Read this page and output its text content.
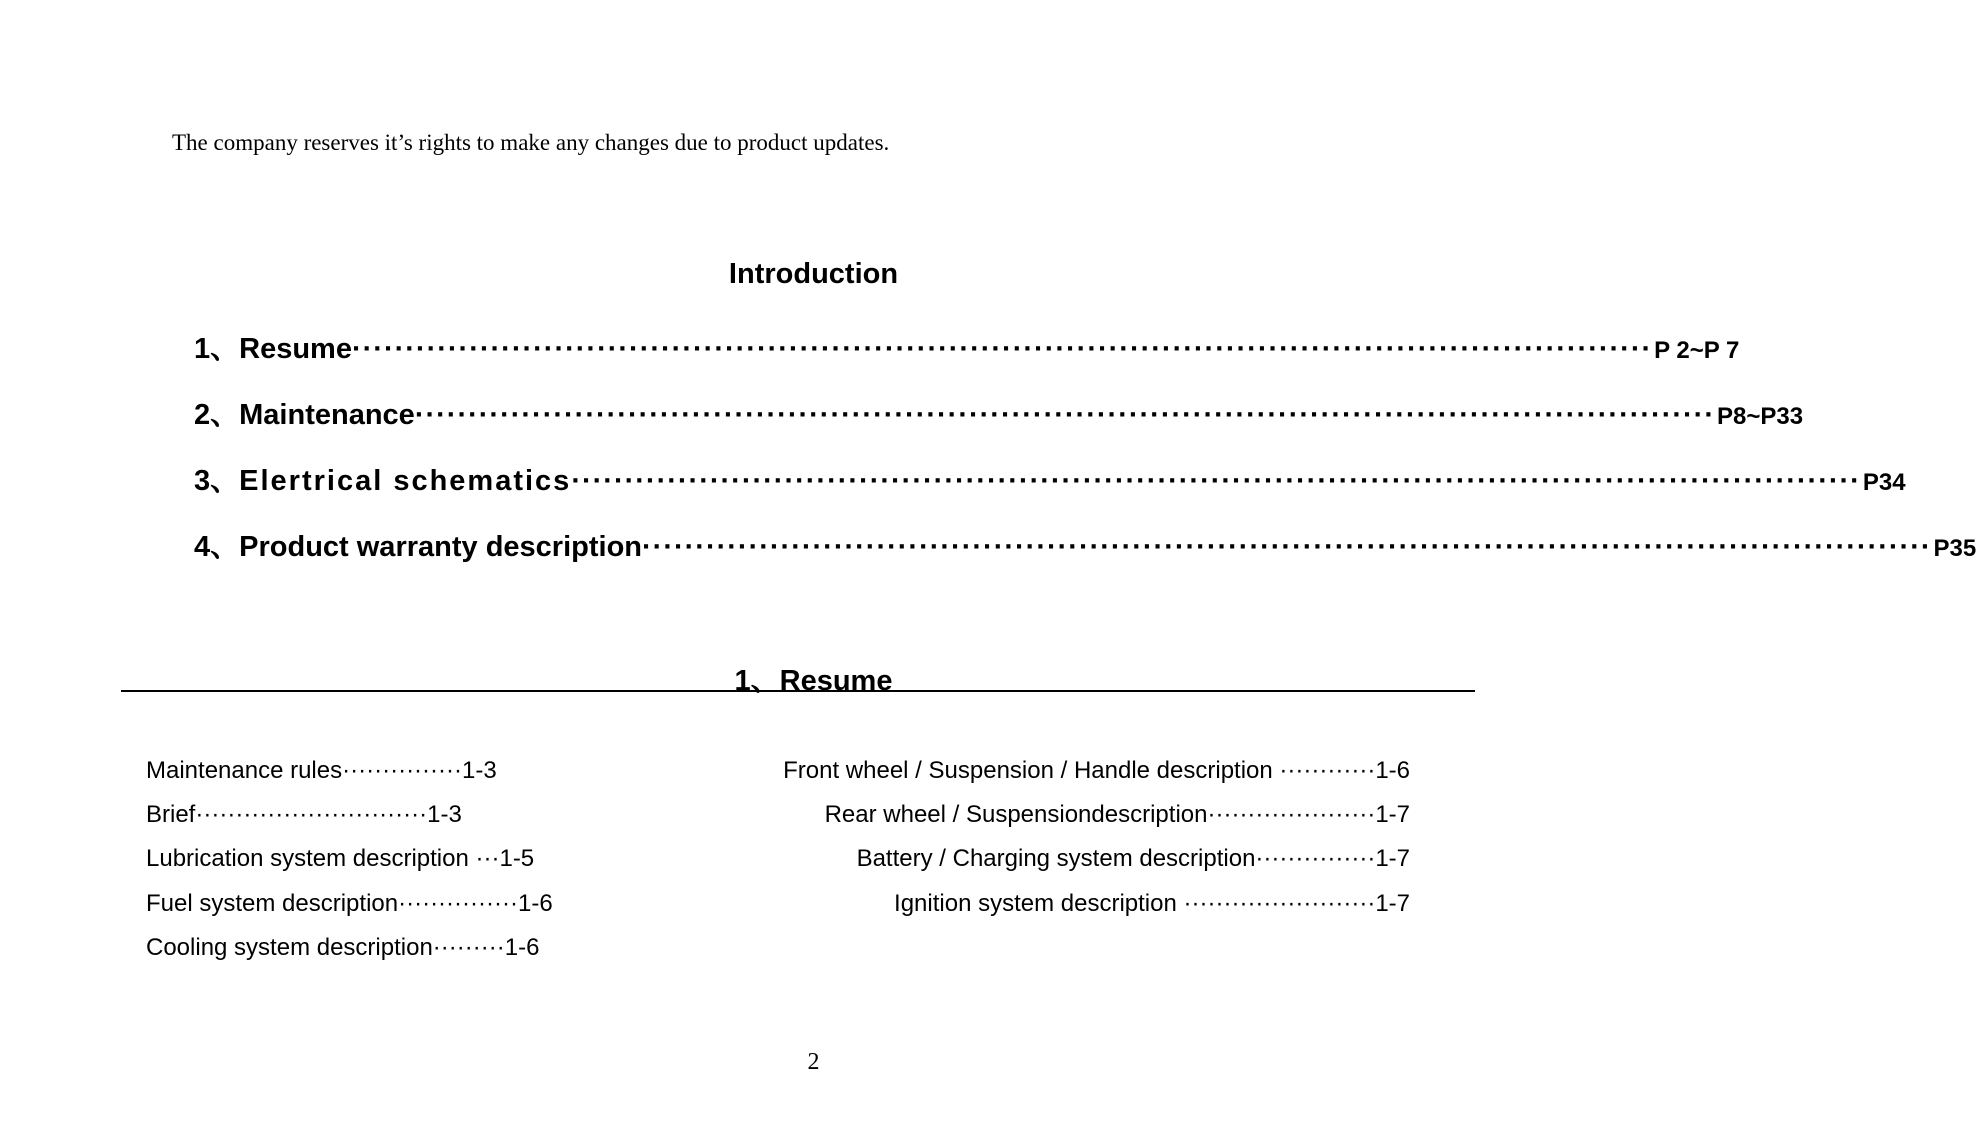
The company reserves it’s rights to make any changes due to product updates.
Introduction
1、 Resume ·························································································································· P 2~P 7
2、 Maintenance ·························································································································· P8~P33
3、 Elertrical schematics ························································································································· P34
4、 Product warranty description ························································································································· P35
1、Resume
Maintenance rules ··············· 1-3
Brief ····························· 1-3
Lubrication system description ··· 1-5
Fuel system description ··············· 1-6
Cooling system description ········· 1-6
Front wheel / Suspension / Handle description ············ 1-6
Rear wheel / Suspensiondescription ····················· 1-7
Battery / Charging system description ··············· 1-7
Ignition system description ························ 1-7
2
